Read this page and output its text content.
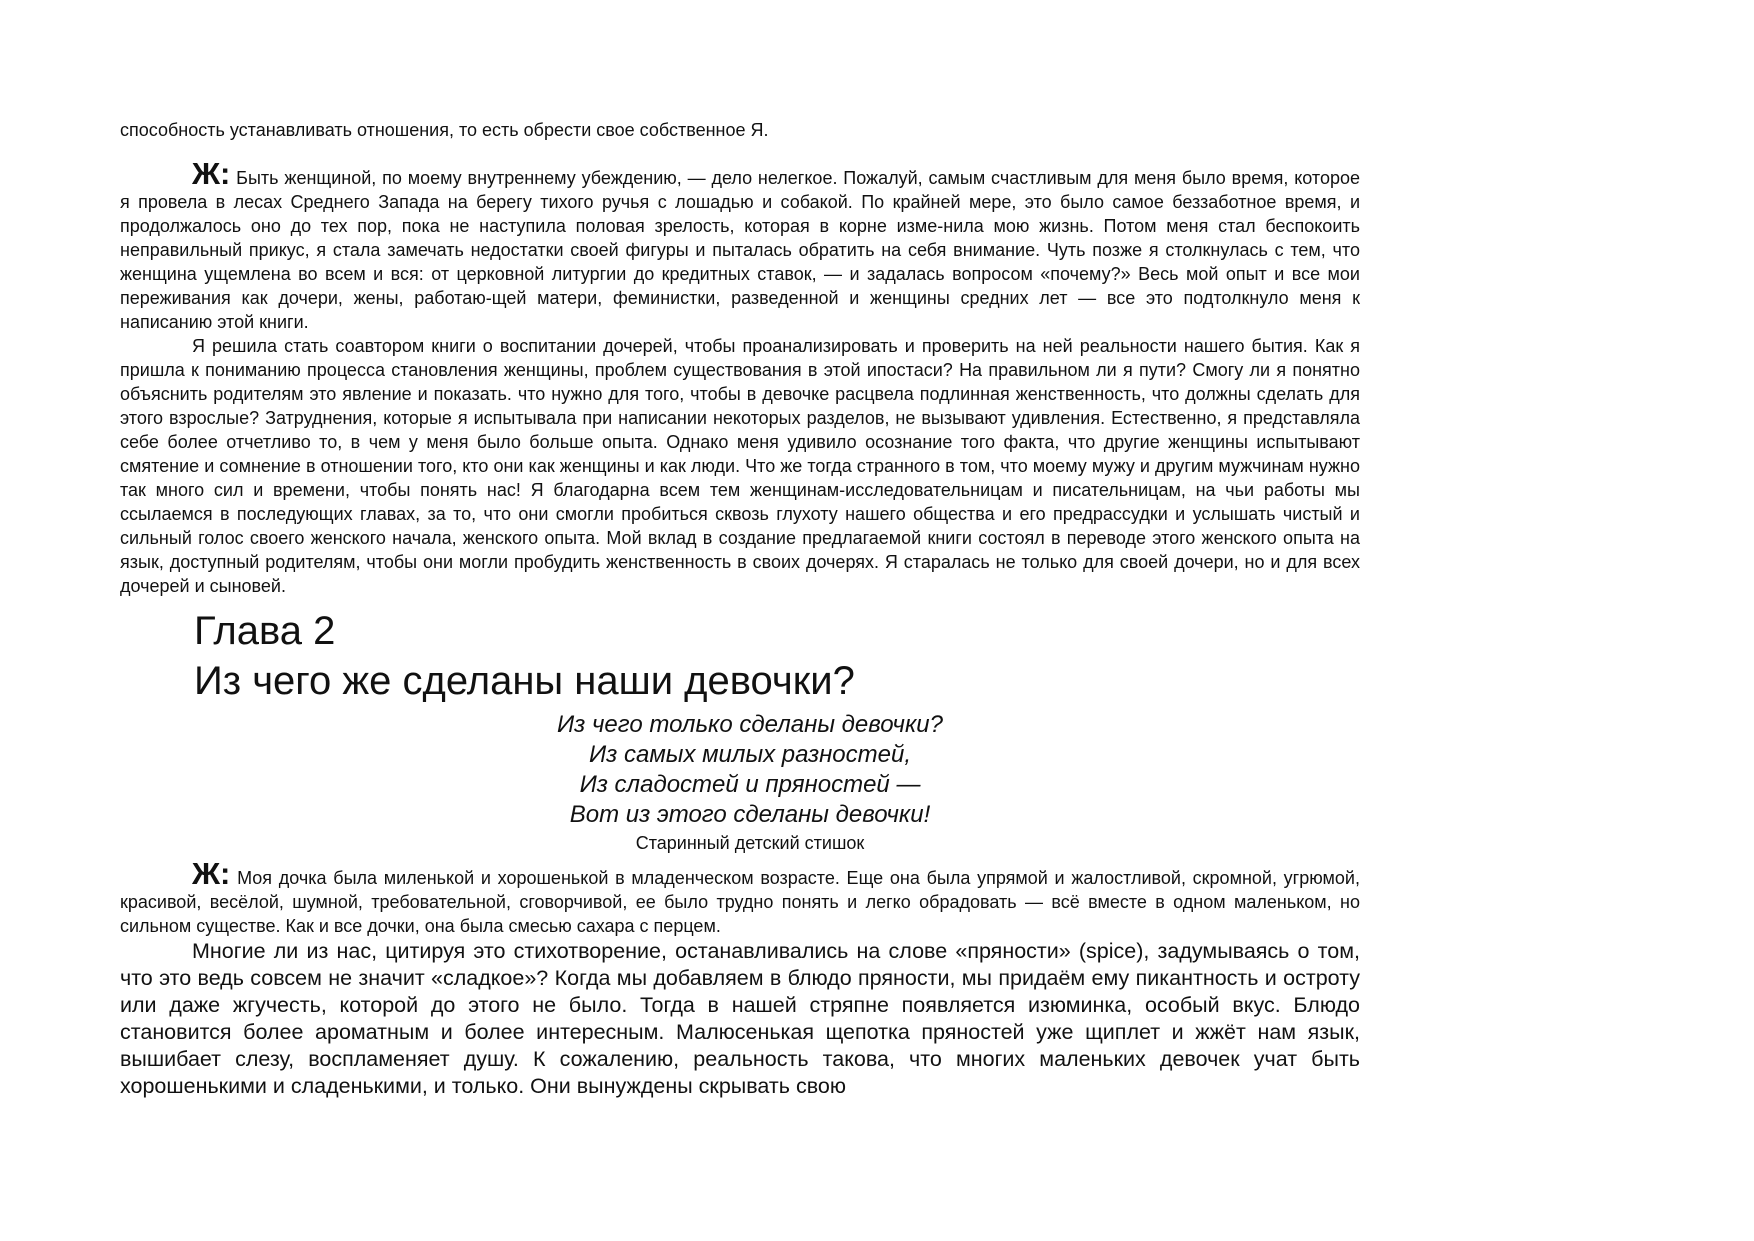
способность устанавливать отношения, то есть обрести свое собственное Я.

Ж: Быть женщиной, по моему внутреннему убеждению, — дело нелегкое. Пожалуй, самым счастливым для меня было время, которое я провела в лесах Среднего Запада на берегу тихого ручья с лошадью и собакой. По крайней мере, это было самое беззаботное время, и продолжалось оно до тех пор, пока не наступила половая зрелость, которая в корне изме-нила мою жизнь. Потом меня стал беспокоить неправильный прикус, я стала замечать недостатки своей фигуры и пыталась обратить на себя внимание. Чуть позже я столкнулась с тем, что женщина ущемлена во всем и вся: от церковной литургии до кредитных ставок, — и задалась вопросом «почему?» Весь мой опыт и все мои переживания как дочери, жены, работаю-щей матери, феминистки, разведенной и женщины средних лет — все это подтолкнуло меня к написанию этой книги.

Я решила стать соавтором книги о воспитании дочерей, чтобы проанализировать и проверить на ней реальности нашего бытия. Как я пришла к пониманию процесса становления женщины, проблем существования в этой ипостаси? На правильном ли я пути? Смогу ли я понятно объяснить родителям это явление и показать. что нужно для того, чтобы в девочке расцвела подлинная женственность, что должны сделать для этого взрослые? Затруднения, которые я испытывала при написании некоторых разделов, не вызывают удивления. Естественно, я представляла себе более отчетливо то, в чем у меня было больше опыта. Однако меня удивило осознание того факта, что другие женщины испытывают смятение и сомнение в отношении того, кто они как женщины и как люди. Что же тогда странного в том, что моему мужу и другим мужчинам нужно так много сил и времени, чтобы понять нас! Я благодарна всем тем женщинам-исследовательницам и писательницам, на чьи работы мы ссылаемся в последующих главах, за то, что они смогли пробиться сквозь глухоту нашего общества и его предрассудки и услышать чистый и сильный голос своего женского начала, женского опыта. Мой вклад в создание предлагаемой книги состоял в переводе этого женского опыта на язык, доступный родителям, чтобы они могли пробудить женственность в своих дочерях. Я старалась не только для своей дочери, но и для всех дочерей и сыновей.

Глава 2
Из чего же сделаны наши девочки?
Из чего только сделаны девочки?
Из самых милых разностей,
Из сладостей и пряностей —
Вот из этого сделаны девочки!
Старинный детский стишок

Ж: Моя дочка была миленькой и хорошенькой в младенческом возрасте. Еще она была упрямой и жалостливой, скромной, угрюмой, красивой, весёлой, шумной, требовательной, сговорчивой, ее было трудно понять и легко обрадовать — всё вместе в одном маленьком, но сильном существе. Как и все дочки, она была смесью сахара с перцем.

Многие ли из нас, цитируя это стихотворение, останавливались на слове «пряности» (spice), задумываясь о том, что это ведь совсем не значит «сладкое»? Когда мы добавляем в блюдо пряности, мы придаём ему пикантность и остроту или даже жгучесть, которой до этого не было. Тогда в нашей стряпне появляется изюминка, особый вкус. Блюдо становится более ароматным и более интересным. Малюсенькая щепотка пряностей уже щиплет и жжёт нам язык, вышибает слезу, воспламеняет душу. К сожалению, реальность такова, что многих маленьких девочек учат быть хорошенькими и сладенькими, и только. Они вынуждены скрывать свою
